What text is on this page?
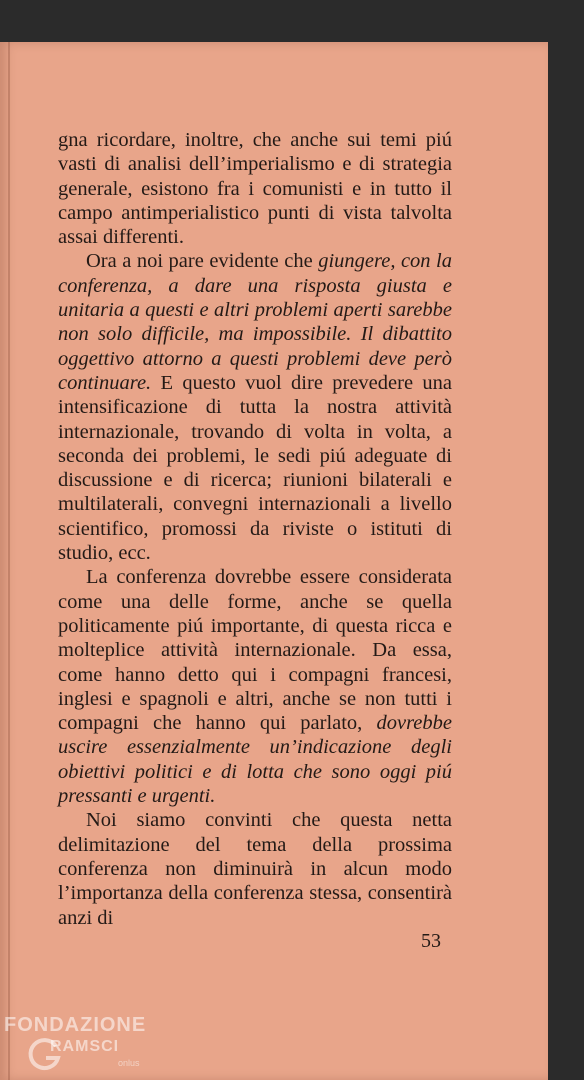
gna ricordare, inoltre, che anche sui temi piú vasti di analisi dell’imperialismo e di strategia generale, esistono fra i comunisti e in tutto il campo antimperialistico punti di vista talvolta assai differenti.

Ora a noi pare evidente che giungere, con la conferenza, a dare una risposta giusta e unitaria a questi e altri problemi aperti sarebbe non solo difficile, ma impossibile. Il dibattito oggettivo attorno a questi problemi deve però continuare. E questo vuol dire prevedere una intensificazione di tutta la nostra attività internazionale, trovando di volta in volta, a seconda dei problemi, le sedi piú adeguate di discussione e di ricerca; riunioni bilaterali e multilaterali, convegni internazionali a livello scientifico, promossi da riviste o istituti di studio, ecc.

La conferenza dovrebbe essere considerata come una delle forme, anche se quella politicamente piú importante, di questa ricca e molteplice attività internazionale. Da essa, come hanno detto qui i compagni francesi, inglesi e spagnoli e altri, anche se non tutti i compagni che hanno qui parlato, dovrebbe uscire essenzialmente un’indicazione degli obiettivi politici e di lotta che sono oggi piú pressanti e urgenti.

Noi siamo convinti che questa netta delimitazione del tema della prossima conferenza non diminuirà in alcun modo l’importanza della conferenza stessa, consentirà anzi di

53
FONDAZIONE
RAMSCI
onlus
